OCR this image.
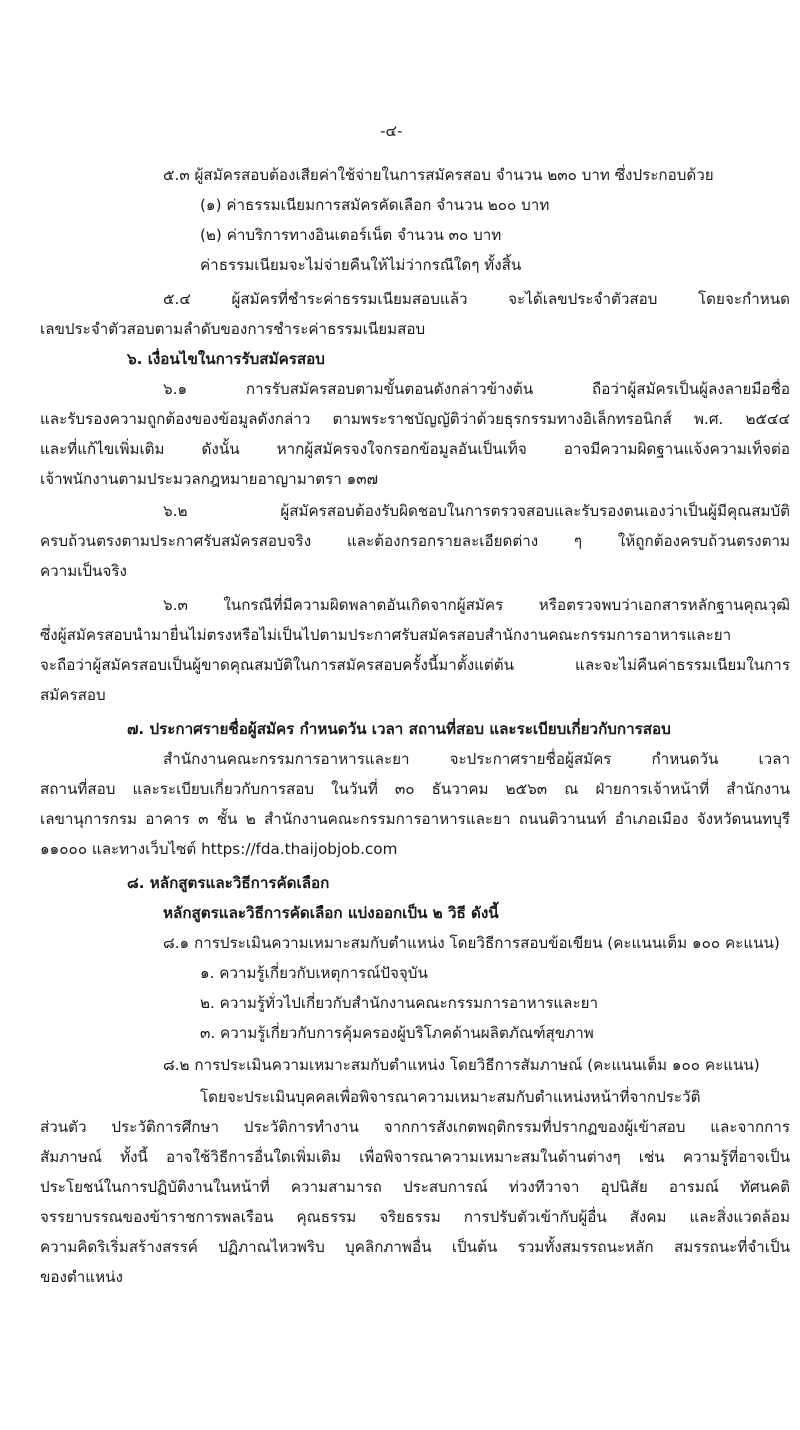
-๔-
๕.๓ ผู้สมัครสอบต้องเสียค่าใช้จ่ายในการสมัครสอบ จำนวน ๒๓๐ บาท ซึ่งประกอบด้วย
(๑) ค่าธรรมเนียมการสมัครคัดเลือก จำนวน ๒๐๐ บาท
(๒) ค่าบริการทางอินเตอร์เน็ต จำนวน ๓๐ บาท
ค่าธรรมเนียมจะไม่จ่ายคืนให้ไม่ว่ากรณีใดๆ ทั้งสิ้น
๕.๔ ผู้สมัครที่ชำระค่าธรรมเนียมสอบแล้ว จะได้เลขประจำตัวสอบ โดยจะกำหนด
เลขประจำตัวสอบตามลำดับของการชำระค่าธรรมเนียมสอบ
๖. เงื่อนไขในการรับสมัครสอบ
๖.๑ การรับสมัครสอบตามขั้นตอนดังกล่าวข้างต้น ถือว่าผู้สมัครเป็นผู้ลงลายมือชื่อ
และรับรองความถูกต้องของข้อมูลดังกล่าว ตามพระราชบัญญัติว่าด้วยธุรกรรมทางอิเล็กทรอนิกส์ พ.ศ. ๒๕๔๔
และที่แก้ไขเพิ่มเติม ดังนั้น หากผู้สมัครจงใจกรอกข้อมูลอันเป็นเท็จ อาจมีความผิดฐานแจ้งความเท็จต่อ
เจ้าพนักงานตามประมวลกฎหมายอาญามาตรา ๑๓๗
๖.๒ ผู้สมัครสอบต้องรับผิดชอบในการตรวจสอบและรับรองตนเองว่าเป็นผู้มีคุณสมบัติ
ครบถ้วนตรงตามประกาศรับสมัครสอบจริง และต้องกรอกรายละเอียดต่าง ๆ ให้ถูกต้องครบถ้วนตรงตาม
ความเป็นจริง
๖.๓ ในกรณีที่มีความผิดพลาดอันเกิดจากผู้สมัคร หรือตรวจพบว่าเอกสารหลักฐานคุณวุฒิ
ซึ่งผู้สมัครสอบนำมายื่นไม่ตรงหรือไม่เป็นไปตามประกาศรับสมัครสอบสำนักงานคณะกรรมการอาหารและยา
จะถือว่าผู้สมัครสอบเป็นผู้ขาดคุณสมบัติในการสมัครสอบครั้งนี้มาตั้งแต่ต้น และจะไม่คืนค่าธรรมเนียมในการ
สมัครสอบ
๗. ประกาศรายชื่อผู้สมัคร กำหนดวัน เวลา สถานที่สอบ และระเบียบเกี่ยวกับการสอบ
สำนักงานคณะกรรมการอาหารและยา จะประกาศรายชื่อผู้สมัคร กำหนดวัน เวลา
สถานที่สอบ และระเบียบเกี่ยวกับการสอบ ในวันที่ ๓๐ ธันวาคม ๒๕๖๓ ณ ฝ่ายการเจ้าหน้าที่ สำนักงาน
เลขานุการกรม อาคาร ๓ ชั้น ๒ สำนักงานคณะกรรมการอาหารและยา ถนนติวานนท์ อำเภอเมือง จังหวัดนนทบุรี
๑๑๐๐๐ และทางเว็บไซต์ https://fda.thaijobjob.com
๘. หลักสูตรและวิธีการคัดเลือก
หลักสูตรและวิธีการคัดเลือก แบ่งออกเป็น ๒ วิธี ดังนี้
๘.๑ การประเมินความเหมาะสมกับตำแหน่ง โดยวิธีการสอบข้อเขียน (คะแนนเต็ม ๑๐๐ คะแนน)
๑. ความรู้เกี่ยวกับเหตุการณ์ปัจจุบัน
๒. ความรู้ทั่วไปเกี่ยวกับสำนักงานคณะกรรมการอาหารและยา
๓. ความรู้เกี่ยวกับการคุ้มครองผู้บริโภคด้านผลิตภัณฑ์สุขภาพ
๘.๒ การประเมินความเหมาะสมกับตำแหน่ง โดยวิธีการสัมภาษณ์ (คะแนนเต็ม ๑๐๐ คะแนน)
โดยจะประเมินบุคคลเพื่อพิจารณาความเหมาะสมกับตำแหน่งหน้าที่จากประวัติ
ส่วนตัว ประวัติการศึกษา ประวัติการทำงาน จากการสังเกตพฤติกรรมที่ปรากฏของผู้เข้าสอบ และจากการ
สัมภาษณ์ ทั้งนี้ อาจใช้วิธีการอื่นใดเพิ่มเติม เพื่อพิจารณาความเหมาะสมในด้านต่างๆ เช่น ความรู้ที่อาจเป็น
ประโยชน์ในการปฏิบัติงานในหน้าที่ ความสามารถ ประสบการณ์ ท่วงทีวาจา อุปนิสัย อารมณ์ ทัศนคติ
จรรยาบรรณของข้าราชการพลเรือน คุณธรรม จริยธรรม การปรับตัวเข้ากับผู้อื่น สังคม และสิ่งแวดล้อม
ความคิดริเริ่มสร้างสรรค์ ปฏิภาณไหวพริบ บุคลิกภาพอื่น เป็นต้น รวมทั้งสมรรถนะหลัก สมรรถนะที่จำเป็น
ของตำแหน่ง
